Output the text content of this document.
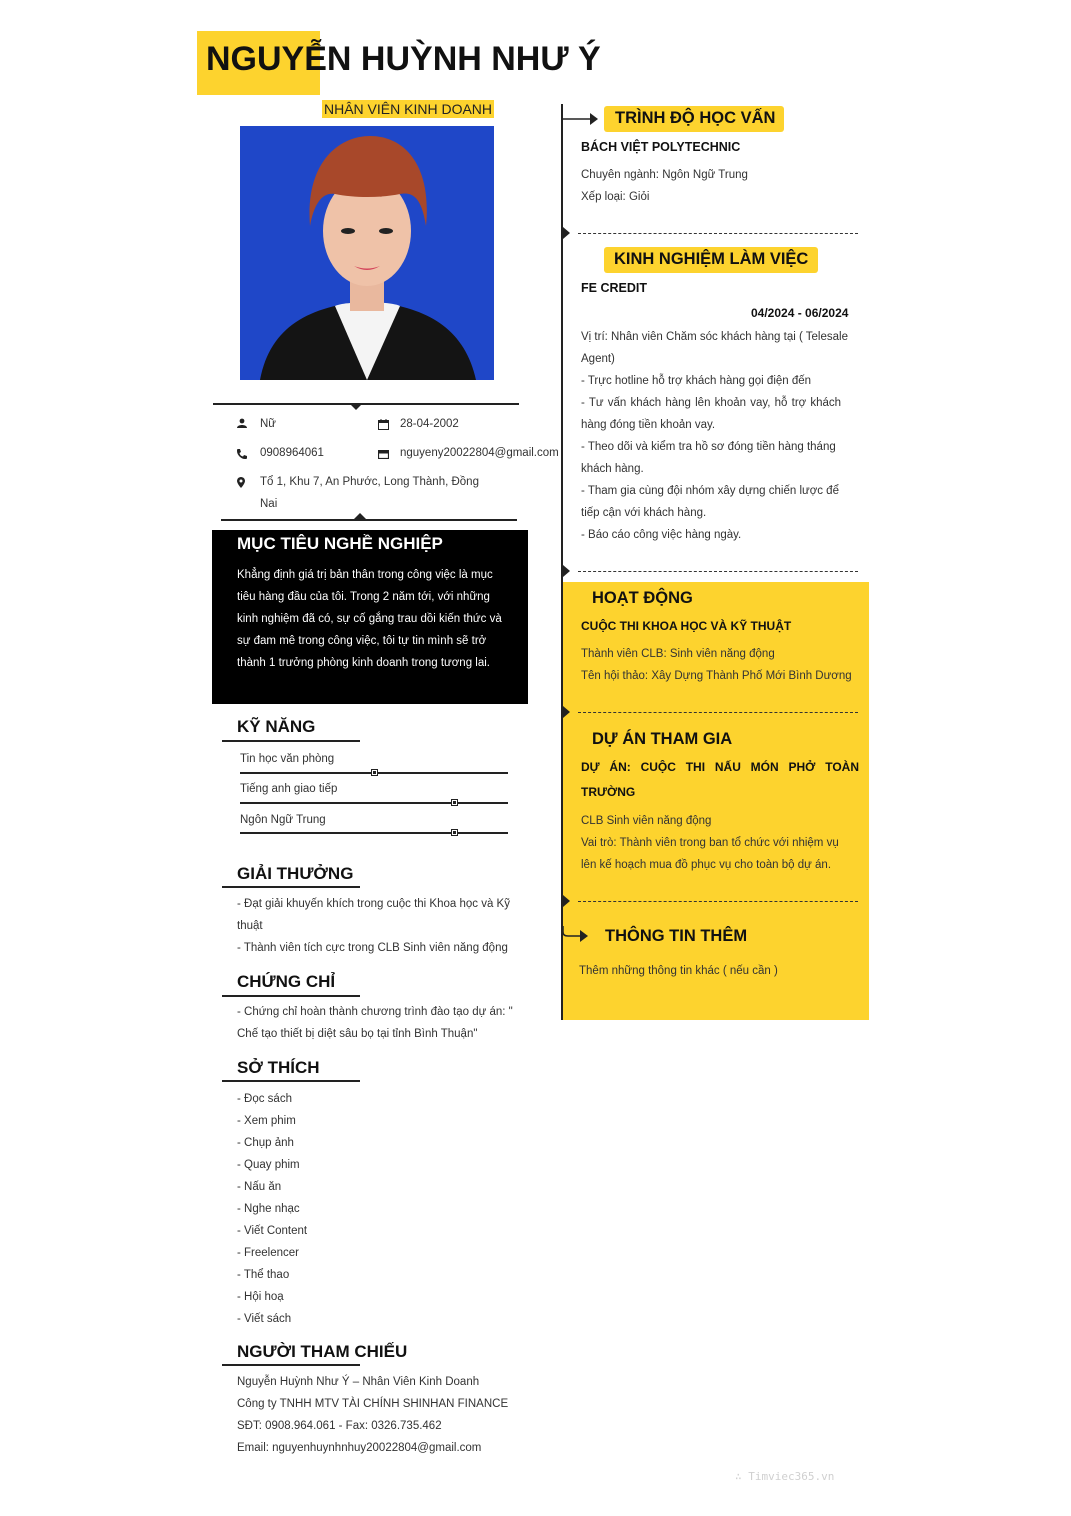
NGUYỄN HUỲNH NHƯ Ý
NHÂN VIÊN KINH DOANH
Nữ	28-04-2002
0908964061	nguyeny20022804@gmail.com
Tổ 1, Khu 7, An Phước, Long Thành, Đồng
Nai
MỤC TIÊU NGHỀ NGHIỆP
Khẳng định giá trị bản thân trong công việc là mục tiêu hàng đầu của tôi. Trong 2 năm tới, với những kinh nghiệm đã có, sự cố gắng trau dồi kiến thức và sự đam mê trong công việc, tôi tự tin mình sẽ trở thành 1 trưởng phòng kinh doanh trong tương lai.
KỸ NĂNG
Tin học văn phòng
Tiếng anh giao tiếp
Ngôn Ngữ Trung
GIẢI THƯỞNG
- Đạt giải khuyến khích trong cuộc thi Khoa học và Kỹ
thuật
- Thành viên tích cực trong CLB Sinh viên năng động
CHỨNG CHỈ
- Chứng chỉ hoàn thành chương trình đào tạo dự án: "
Chế tạo thiết bị diệt sâu bọ tại tỉnh Bình Thuận"
SỞ THÍCH
- Đọc sách
- Xem phim
- Chụp ảnh
- Quay phim
- Nấu ăn
- Nghe nhạc
- Viết Content
- Freelencer
- Thể thao
- Hội hoạ
- Viết sách
NGƯỜI THAM CHIẾU
Nguyễn Huỳnh Như Ý – Nhân Viên Kinh Doanh
Công ty TNHH MTV TÀI CHÍNH SHINHAN FINANCE
SĐT: 0908.964.061 - Fax: 0326.735.462
Email: nguyenhuynhnhuy20022804@gmail.com
TRÌNH ĐỘ HỌC VẤN
BÁCH VIỆT POLYTECHNIC
Chuyên ngành: Ngôn Ngữ Trung
Xếp loại: Giỏi
KINH NGHIỆM LÀM VIỆC
FE CREDIT
04/2024 - 06/2024
Vị trí: Nhân viên Chăm sóc khách hàng tại ( Telesale
Agent)
- Trực hotline hỗ trợ khách hàng gọi điện đến
- Tư vấn khách hàng lên khoản vay, hỗ trợ khách
hàng đóng tiền khoản vay.
- Theo dõi và kiểm tra hồ sơ đóng tiền hàng tháng
khách hàng.
- Tham gia cùng đội nhóm xây dựng chiến lược để
tiếp cận với khách hàng.
- Báo cáo công việc hàng ngày.
HOẠT ĐỘNG
CUỘC THI KHOA HỌC VÀ KỸ THUẬT
Thành viên CLB: Sinh viên năng động
Tên hội thảo: Xây Dựng Thành Phố Mới Bình Dương
DỰ ÁN THAM GIA
DỰ ÁN: CUỘC THI NẤU MÓN PHỞ TOÀN
TRƯỜNG
CLB Sinh viên năng động
Vai trò: Thành viên trong ban tổ chức với nhiệm vụ
lên kế hoạch mua đồ phục vụ cho toàn bộ dự án.
THÔNG TIN THÊM
Thêm những thông tin khác ( nếu cần )
∴ Timviec365.vn
